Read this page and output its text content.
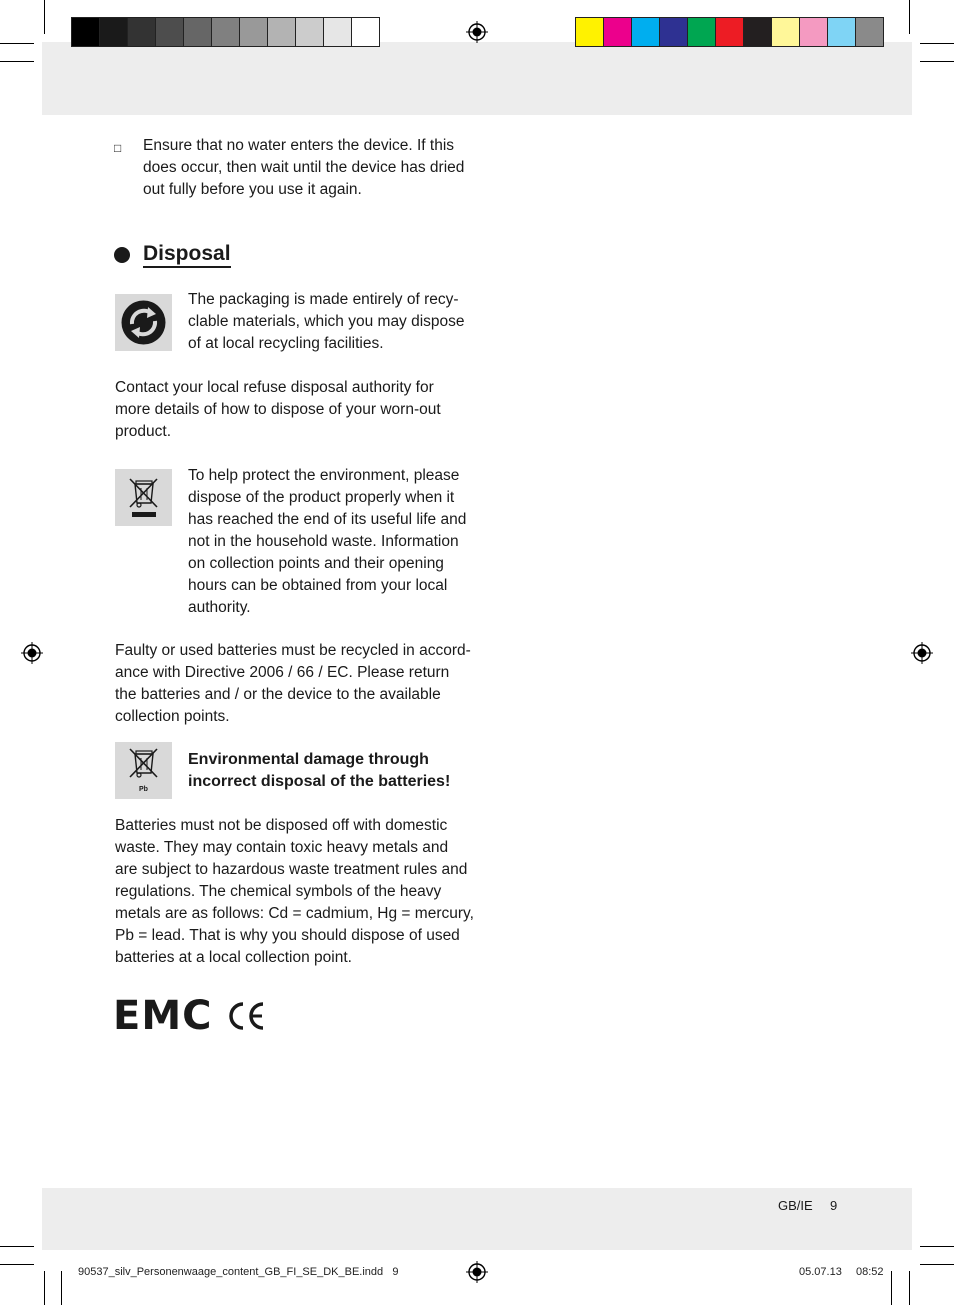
□ Ensure that no water enters the device. If this
does occur, then wait until the device has dried
out fully before you use it again.
Disposal
The packaging is made entirely of recy-
clable materials, which you may dispose
of at local recycling facilities.
Contact your local refuse disposal authority for
more details of how to dispose of your worn-out
product.
To help protect the environment, please
dispose of the product properly when it
has reached the end of its useful life and
not in the household waste. Information
on collection points and their opening
hours can be obtained from your local
authority.
Faulty or used batteries must be recycled in accord-
ance with Directive 2006 / 66 / EC. Please return
the batteries and / or the device to the available
collection points.
Pb
Environmental damage through
incorrect disposal of the batteries!
Batteries must not be disposed off with domestic
waste. They may contain toxic heavy metals and
are subject to hazardous waste treatment rules and
regulations. The chemical symbols of the heavy
metals are as follows: Cd = cadmium, Hg = mercury,
Pb = lead. That is why you should dispose of used
batteries at a local collection point.
EMC
GB/IE 9
90537_silv_Personenwaage_content_GB_FI_SE_DK_BE.indd   9	05.07.13 08:52
